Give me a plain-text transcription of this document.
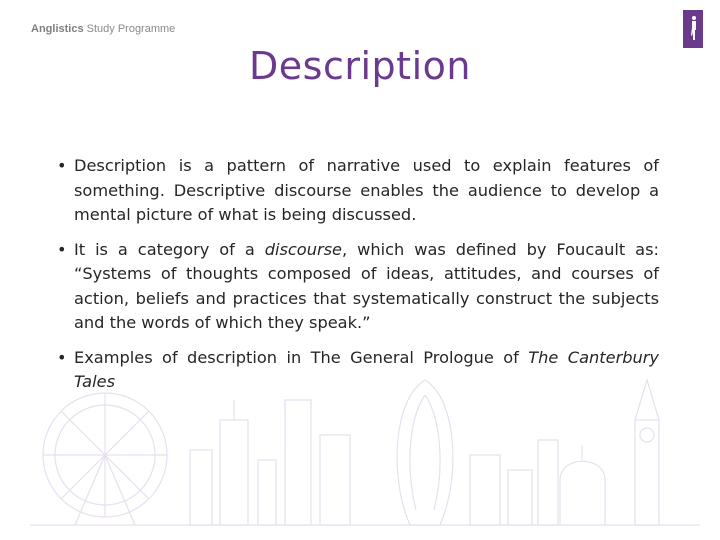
Anglistics Study Programme
Description
• Description is a pattern of narrative used to explain features of something. Descriptive discourse enables the audience to develop a mental picture of what is being discussed.
• It is a category of a discourse, which was defined by Foucault as: “Systems of thoughts composed of ideas, attitudes, and courses of action, beliefs and practices that systematically construct the subjects and the words of which they speak.”
• Examples of description in The General Prologue of The Canterbury Tales
